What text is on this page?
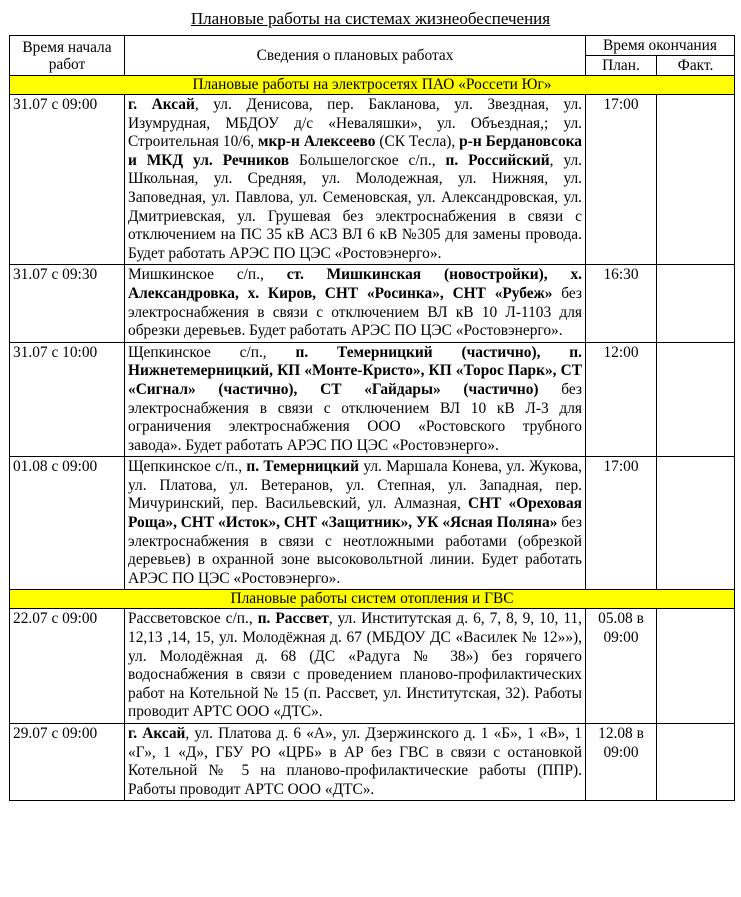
Плановые работы на системах жизнеобеспечения
Время начала работ	Сведения о плановых работах	Время окончания	
		План.	Факт.
Плановые работы на электросетях ПАО «Россети Юг»			
31.07 с 09:00	г. Аксай, ул. Денисова, пер. Бакланова, ул. Звездная, ул. Изумрудная, МБДОУ д/с «Неваляшки», ул. Объездная,; ул. Строительная 10/6, мкр-н Алексеево (СК Тесла), р-н Бердановсока и МКД ул. Речников Большелогское с/п., п. Российский, ул. Школьная, ул. Средняя, ул. Молодежная, ул. Нижняя, ул. Заповедная, ул. Павлова, ул. Семеновская, ул. Александровская, ул. Дмитриевская, ул. Грушевая без электроснабжения в связи с отключением на ПС 35 кВ АС3 ВЛ 6 кВ №305 для замены провода. Будет работать АРЭС ПО ЦЭС «Ростовэнерго».	17:00	
31.07 с 09:30	Мишкинское с/п., ст. Мишкинская (новостройки), х. Александровка, х. Киров, СНТ «Росинка», СНТ «Рубеж» без электроснабжения в связи с отключением ВЛ кВ 10 Л-1103 для обрезки деревьев. Будет работать АРЭС ПО ЦЭС «Ростовэнерго».	16:30	
31.07 с 10:00	Щепкинское с/п., п. Темерницкий (частично), п. Нижнетемерницкий, КП «Монте-Кристо», КП «Торос Парк», СТ «Сигнал» (частично), СТ «Гайдары» (частично) без электроснабжения в связи с отключением ВЛ 10 кВ Л-3 для ограничения электроснабжения ООО «Ростовского трубного завода». Будет работать АРЭС ПО ЦЭС «Ростовэнерго».	12:00	
01.08 с 09:00	Щепкинское с/п., п. Темерницкий ул. Маршала Конева, ул. Жукова, ул. Платова, ул. Ветеранов, ул. Степная, ул. Западная, пер. Мичуринский, пер. Васильевский, ул. Алмазная, СНТ «Ореховая Роща», СНТ «Исток», СНТ «Защитник», УК «Ясная Поляна» без электроснабжения в связи с неотложными работами (обрезкой деревьев) в охранной зоне высоковольтной линии. Будет работать АРЭС ПО ЦЭС «Ростовэнерго».	17:00	
Плановые работы систем отопления и ГВС			
22.07 с 09:00	Рассветовское с/п., п. Рассвет, ул. Институтская д. 6, 7, 8, 9, 10, 11, 12,13 ,14, 15, ул. Молодёжная д. 67 (МБДОУ ДС «Василек № 12»»), ул. Молодёжная д. 68 (ДС «Радуга № 38») без горячего водоснабжения в связи с проведением планово-профилактических работ на Котельной № 15 (п. Рассвет, ул. Институтская, 32). Работы проводит АРТС ООО «ДТС».	05.08 в 09:00	
29.07 с 09:00	г. Аксай, ул. Платова д. 6 «А», ул. Дзержинского д. 1 «Б», 1 «В», 1 «Г», 1 «Д», ГБУ РО «ЦРБ» в АР без ГВС в связи с остановкой Котельной № 5 на планово-профилактические работы (ППР). Работы проводит АРТС ООО «ДТС».	12.08 в 09:00	
